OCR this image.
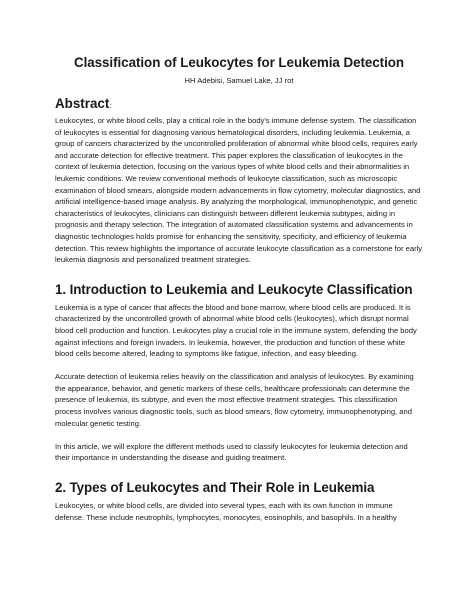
Classification of Leukocytes for Leukemia Detection

HH Adebisi, Samuel Lake, JJ rot

Abstract:

Leukocytes, or white blood cells, play a critical role in the body's immune defense system. The classification of leukocytes is essential for diagnosing various hematological disorders, including leukemia. Leukemia, a group of cancers characterized by the uncontrolled proliferation of abnormal white blood cells, requires early and accurate detection for effective treatment. This paper explores the classification of leukocytes in the context of leukemia detection, focusing on the various types of white blood cells and their abnormalities in leukemic conditions. We review conventional methods of leukocyte classification, such as microscopic examination of blood smears, alongside modern advancements in flow cytometry, molecular diagnostics, and artificial intelligence-based image analysis. By analyzing the morphological, immunophenotypic, and genetic characteristics of leukocytes, clinicians can distinguish between different leukemia subtypes, aiding in prognosis and therapy selection. The integration of automated classification systems and advancements in diagnostic technologies holds promise for enhancing the sensitivity, specificity, and efficiency of leukemia detection. This review highlights the importance of accurate leukocyte classification as a cornerstone for early leukemia diagnosis and personalized treatment strategies.

1. Introduction to Leukemia and Leukocyte Classification

Leukemia is a type of cancer that affects the blood and bone marrow, where blood cells are produced. It is characterized by the uncontrolled growth of abnormal white blood cells (leukocytes), which disrupt normal blood cell production and function. Leukocytes play a crucial role in the immune system, defending the body against infections and foreign invaders. In leukemia, however, the production and function of these white blood cells become altered, leading to symptoms like fatigue, infection, and easy bleeding.

Accurate detection of leukemia relies heavily on the classification and analysis of leukocytes. By examining the appearance, behavior, and genetic markers of these cells, healthcare professionals can determine the presence of leukemia, its subtype, and even the most effective treatment strategies. This classification process involves various diagnostic tools, such as blood smears, flow cytometry, immunophenotyping, and molecular genetic testing.

In this article, we will explore the different methods used to classify leukocytes for leukemia detection and their importance in understanding the disease and guiding treatment.

2. Types of Leukocytes and Their Role in Leukemia

Leukocytes, or white blood cells, are divided into several types, each with its own function in immune defense. These include neutrophils, lymphocytes, monocytes, eosinophils, and basophils. In a healthy
